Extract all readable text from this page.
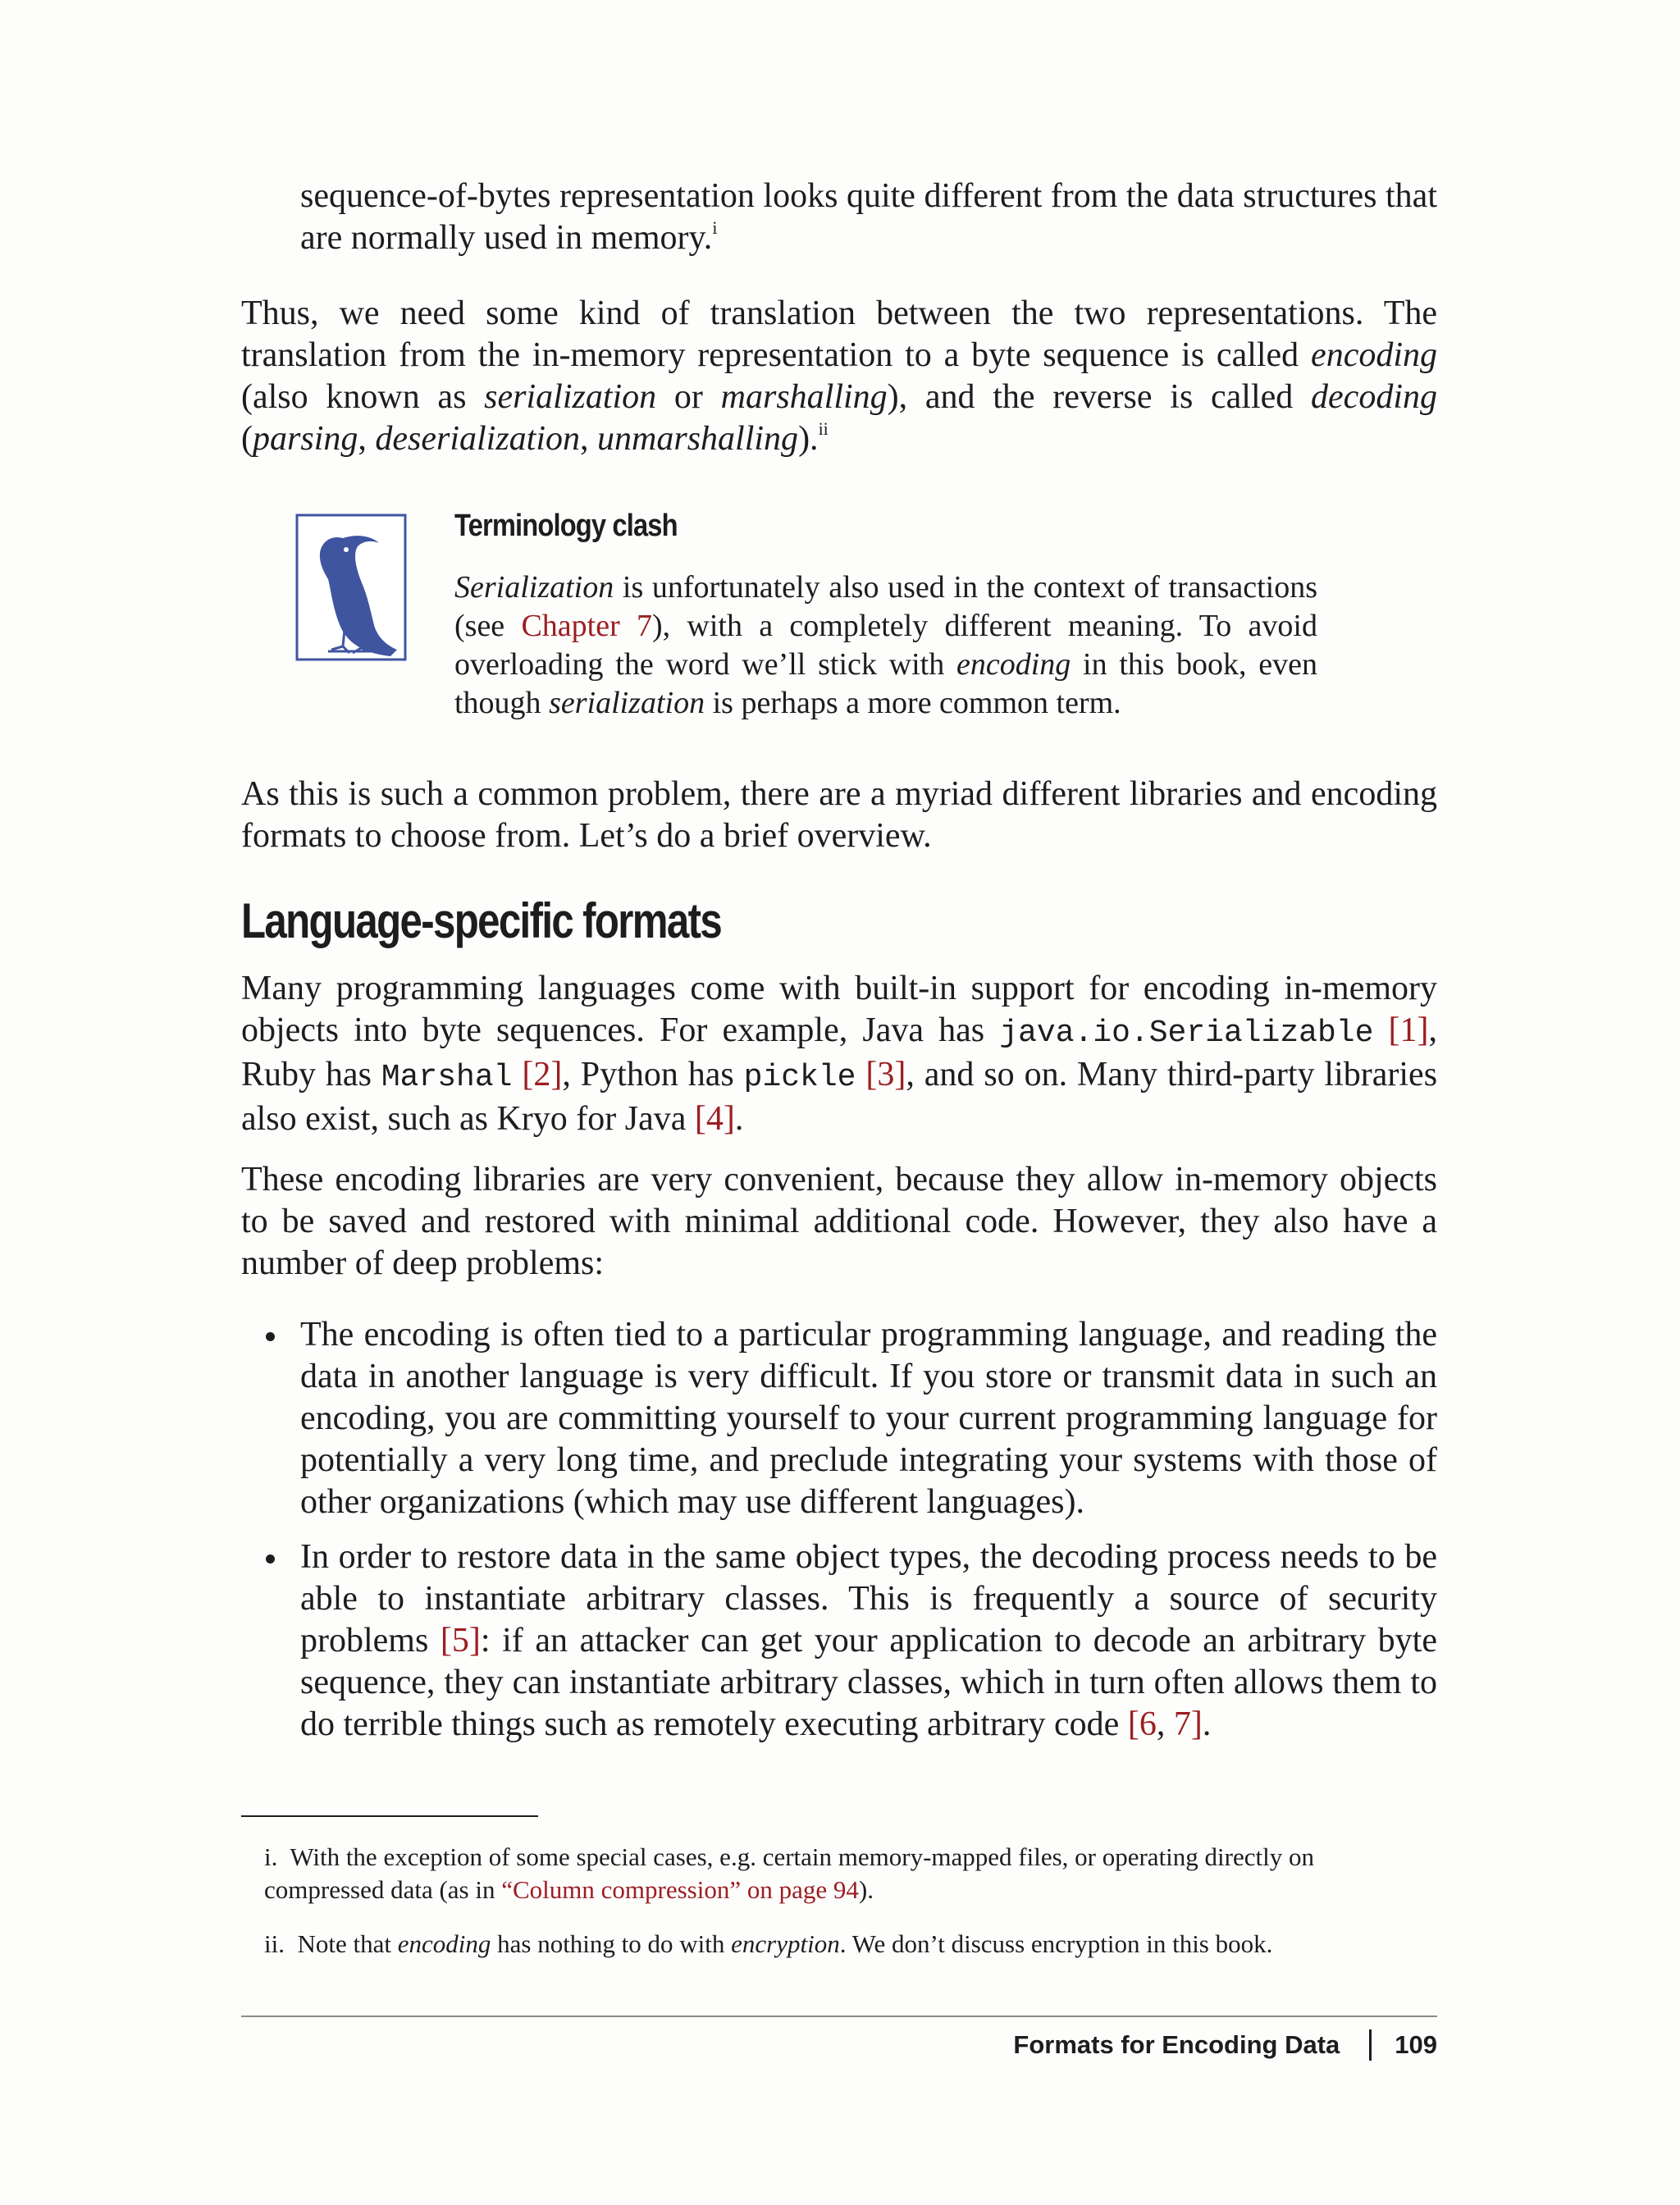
sequence-of-bytes representation looks quite different from the data structures that are normally used in memory.$^i$

Thus, we need some kind of translation between the two representations. The translation from the in-memory representation to a byte sequence is called encoding (also known as serialization or marshalling), and the reverse is called decoding (parsing, deserialization, unmarshalling).$^{ii}$

Terminology clash

Serialization is unfortunately also used in the context of transactions (see Chapter 7), with a completely different meaning. To avoid overloading the word we’ll stick with encoding in this book, even though serialization is perhaps a more common term.

As this is such a common problem, there are a myriad different libraries and encoding formats to choose from. Let’s do a brief overview.

Language-specific formats

Many programming languages come with built-in support for encoding in-memory objects into byte sequences. For example, Java has java.io.Serializable [1], Ruby has Marshal [2], Python has pickle [3], and so on. Many third-party libraries also exist, such as Kryo for Java [4].

These encoding libraries are very convenient, because they allow in-memory objects to be saved and restored with minimal additional code. However, they also have a number of deep problems:

The encoding is often tied to a particular programming language, and reading the data in another language is very difficult. If you store or transmit data in such an encoding, you are committing yourself to your current programming language for potentially a very long time, and preclude integrating your systems with those of other organizations (which may use different languages).
In order to restore data in the same object types, the decoding process needs to be able to instantiate arbitrary classes. This is frequently a source of security problems [5]: if an attacker can get your application to decode an arbitrary byte sequence, they can instantiate arbitrary classes, which in turn often allows them to do terrible things such as remotely executing arbitrary code [6, 7].

i. With the exception of some special cases, e.g. certain memory-mapped files, or operating directly on compressed data (as in “Column compression” on page 94).

ii. Note that encoding has nothing to do with encryption. We don’t discuss encryption in this book.

Formats for Encoding Data 109
